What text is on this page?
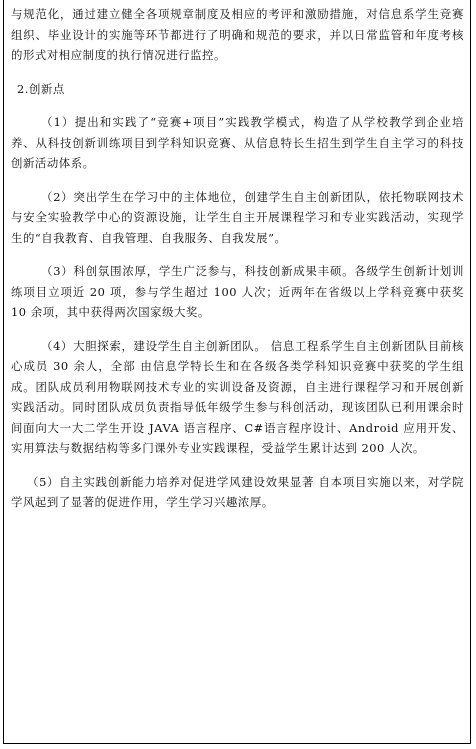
与规范化，通过建立健全各项规章制度及相应的考评和激励措施，对信息系学生竞赛组织、毕业设计的实施等环节都进行了明确和规范的要求，并以日常监管和年度考核的形式对相应制度的执行情况进行监控。

2.创新点

（1）提出和实践了“竞赛+项目”实践教学模式，构造了从学校教学到企业培养、从科技创新训练项目到学科知识竞赛、从信息特长生招生到学生自主学习的科技创新活动体系。

（2）突出学生在学习中的主体地位，创建学生自主创新团队，依托物联网技术与安全实验教学中心的资源设施，让学生自主开展课程学习和专业实践活动，实现学生的“自我教育、自我管理、自我服务、自我发展”。

（3）科创氛围浓厚，学生广泛参与，科技创新成果丰硕。各级学生创新计划训练项目立项近 20 项，参与学生超过 100 人次；近两年在省级以上学科竞赛中获奖 10 余项，其中获得两次国家级大奖。

（4）大胆探索，建设学生自主创新团队。 信息工程系学生自主创新团队目前核心成员 30 余人，全部 由信息学特长生和在各级各类学科知识竞赛中获奖的学生组成。团队成员利用物联网技术专业的实训设备及资源，自主进行课程学习和开展创新实践活动。同时团队成员负责指导低年级学生参与科创活动，现该团队已利用课余时间面向大一大二学生开设 JAVA 语言程序、C#语言程序设计、Android 应用开发、实用算法与数据结构等多门课外专业实践课程，受益学生累计达到 200 人次。

（5）自主实践创新能力培养对促进学风建设效果显著 自本项目实施以来，对学院学风起到了显著的促进作用，学生学习兴趣浓厚。
